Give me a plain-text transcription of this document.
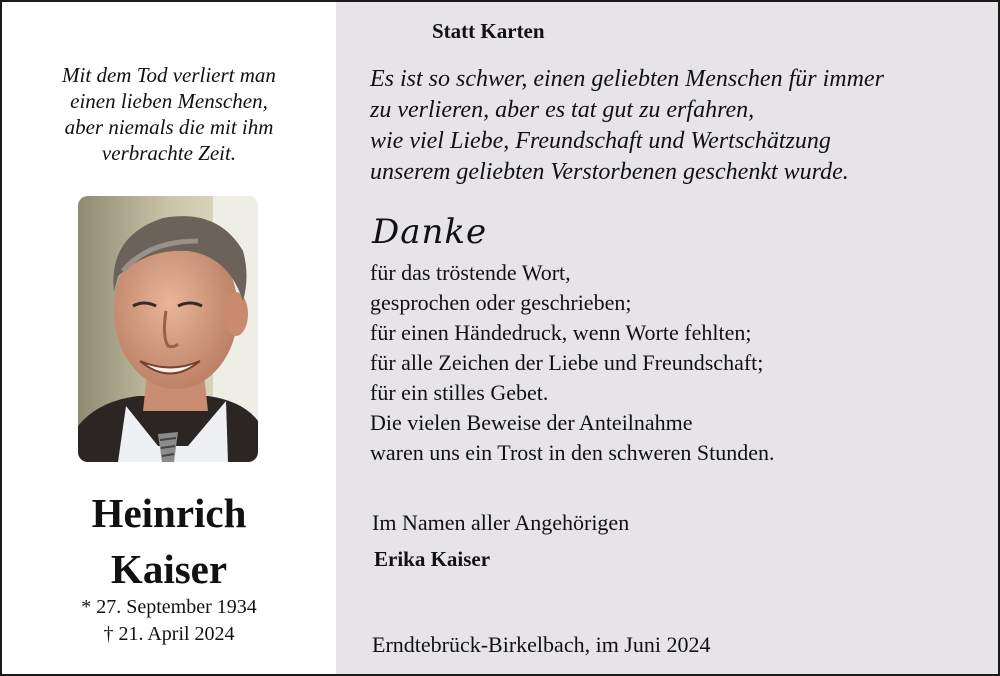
Mit dem Tod verliert man
einen lieben Menschen,
aber niemals die mit ihm
verbrachte Zeit.
Heinrich
Kaiser
* 27. September 1934
† 21. April 2024
Statt Karten
Es ist so schwer, einen geliebten Menschen für immer
zu verlieren, aber es tat gut zu erfahren,
wie viel Liebe, Freundschaft und Wertschätzung
unserem geliebten Verstorbenen geschenkt wurde.
Danke
für das tröstende Wort,
gesprochen oder geschrieben;
für einen Händedruck, wenn Worte fehlten;
für alle Zeichen der Liebe und Freundschaft;
für ein stilles Gebet.
Die vielen Beweise der Anteilnahme
waren uns ein Trost in den schweren Stunden.
Im Namen aller Angehörigen
Erika Kaiser
Erndtebrück-Birkelbach, im Juni 2024
